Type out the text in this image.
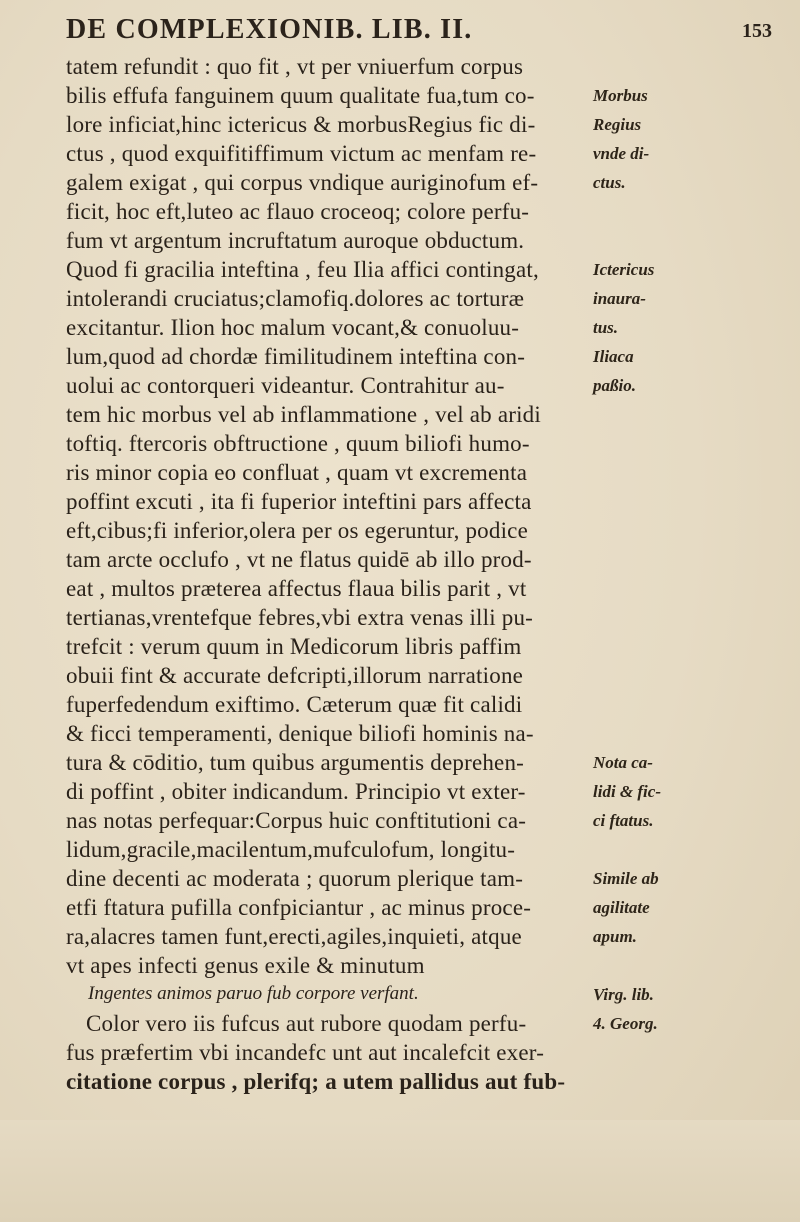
DE COMPLEXIONIB. LIB. II.	153
tatem refundit : quo fit , vt per vniuerfum corpus
bilis effufa fanguinem quum qualitate fua,tum co-	Morbus
lore inficiat,hinc ictericus & morbusRegius fic di-	Regius
ctus , quod exquifitiffimum victum ac menfam re-	vnde di-
galem exigat , qui corpus vndique auriginofum ef-	ctus.
ficit, hoc eft,luteo ac flauo croceoq; colore perfu-
fum vt argentum incruftatum auroque obductum.
Quod fi gracilia inteftina , feu Ilia affici contingat,	Ictericus
intolerandi cruciatus;clamofiq.dolores ac torturæ	inaura-
excitantur. Ilion hoc malum vocant,& conuoluu-	tus.
lum,quod ad chordæ fimilitudinem inteftina con-	Iliaca
uolui ac contorqueri videantur. Contrahitur au-	paßio.
tem hic morbus vel ab inflammatione , vel ab aridi
toftiq. ftercoris obftructione , quum biliofi humo-
ris minor copia eo confluat , quam vt excrementa
poffint excuti , ita fi fuperior inteftini pars affecta
eft,cibus;fi inferior,olera per os egeruntur, podice
tam arcte occlufo , vt ne flatus quidē ab illo prod-
eat , multos præterea affectus flaua bilis parit , vt
tertianas,vrentefque febres,vbi extra venas illi pu-
trefcit : verum quum in Medicorum libris paffim
obuii fint & accurate defcripti,illorum narratione
fuperfedendum exiftimo. Cæterum quæ fit calidi
& ficci temperamenti, denique biliofi hominis na-
tura & cōditio, tum quibus argumentis deprehen-	Nota ca-
di poffint , obiter indicandum. Principio vt exter-	lidi & fic-
nas notas perfequar:Corpus huic conftitutioni ca-	ci ftatus.
lidum,gracile,macilentum,mufculofum, longitu-
dine decenti ac moderata ; quorum plerique tam-	Simile ab
etfi ftatura pufilla confpiciantur , ac minus proce-	agilitate
ra,alacres tamen funt,erecti,agiles,inquieti, atque	apum.
vt apes infecti genus exile & minutum
Ingentes animos paruo fub corpore verfant.	Virg. lib.
Color vero iis fufcus aut rubore quodam perfu-	4. Georg.
fus præfertim vbi incandefc unt aut incalefcit exer-
citatione corpus , plerifq; a utem pallidus aut fub-
